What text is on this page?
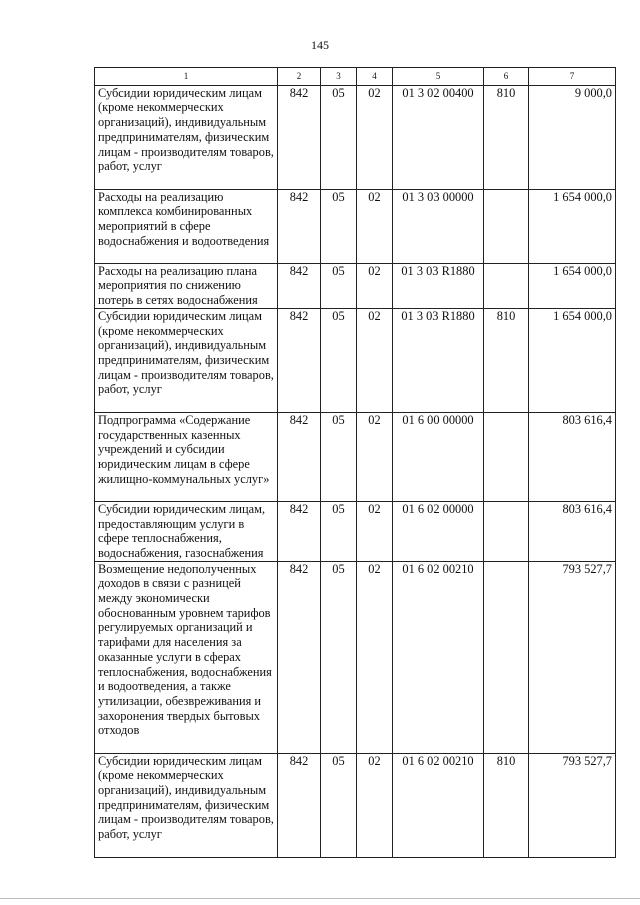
145
1	2	3	4	5	6	7
Субсидии юридическим лицам (кроме некоммерческих организаций), индивидуальным предпринимателям, физическим лицам - производителям товаров, работ, услуг	842	05	02	01 3 02 00400	810	9 000,0
Расходы на реализацию комплекса комбинированных мероприятий в сфере водоснабжения и водоотведения	842	05	02	01 3 03 00000		1 654 000,0
Расходы на реализацию плана мероприятия по снижению потерь в сетях водоснабжения	842	05	02	01 3 03 R1880		1 654 000,0
Субсидии юридическим лицам (кроме некоммерческих организаций), индивидуальным предпринимателям, физическим лицам - производителям товаров, работ, услуг	842	05	02	01 3 03 R1880	810	1 654 000,0
Подпрограмма «Содержание государственных казенных учреждений и субсидии юридическим лицам в сфере жилищно-коммунальных услуг»	842	05	02	01 6 00 00000		803 616,4
Субсидии юридическим лицам, предоставляющим услуги в сфере теплоснабжения, водоснабжения, газоснабжения	842	05	02	01 6 02 00000		803 616,4
Возмещение недополученных доходов в связи с разницей между экономически обоснованным уровнем тарифов регулируемых организаций и тарифами для населения за оказанные услуги в сферах теплоснабжения, водоснабжения и водоотведения, а также утилизации, обезвреживания и захоронения твердых бытовых отходов	842	05	02	01 6 02 00210		793 527,7
Субсидии юридическим лицам (кроме некоммерческих организаций), индивидуальным предпринимателям, физическим лицам - производителям товаров, работ, услуг	842	05	02	01 6 02 00210	810	793 527,7
